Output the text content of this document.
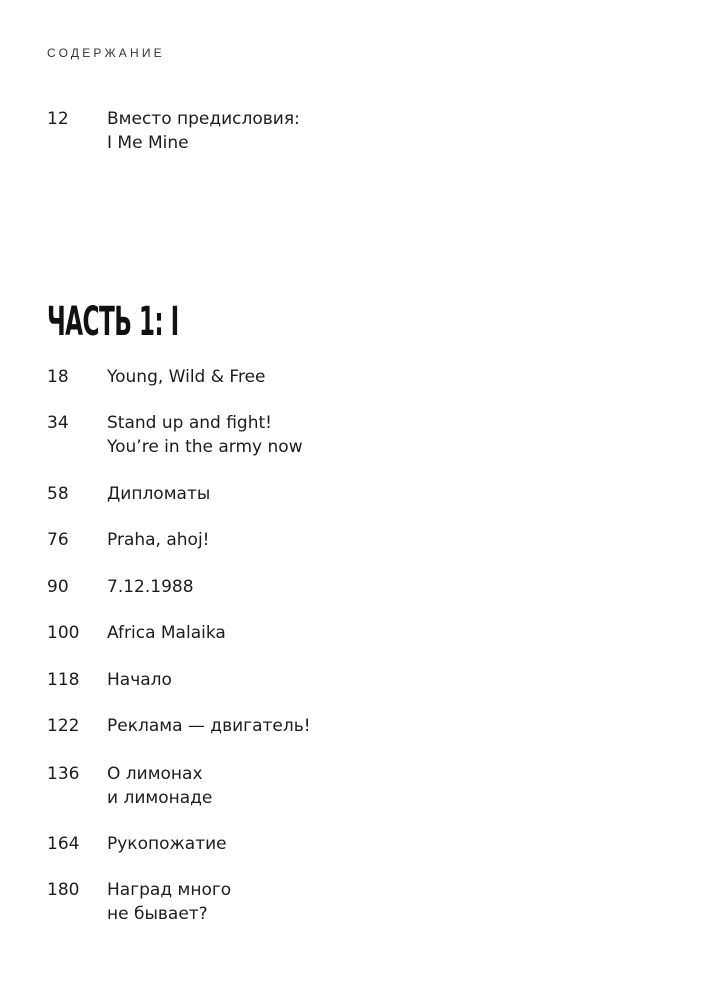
СОДЕРЖАНИЕ
12	Вместо предисловия:
I Me Mine
ЧАСТЬ 1: I
18	Young, Wild & Free
34	Stand up and fight!
You’re in the army now
58	Дипломаты
76	Praha, ahoj!
90	7.12.1988
100	Africa Malaika
118	Начало
122	Реклама — двигатель!
136	О лимонах
и лимонаде
164	Рукопожатие
180	Наград много
не бывает?
